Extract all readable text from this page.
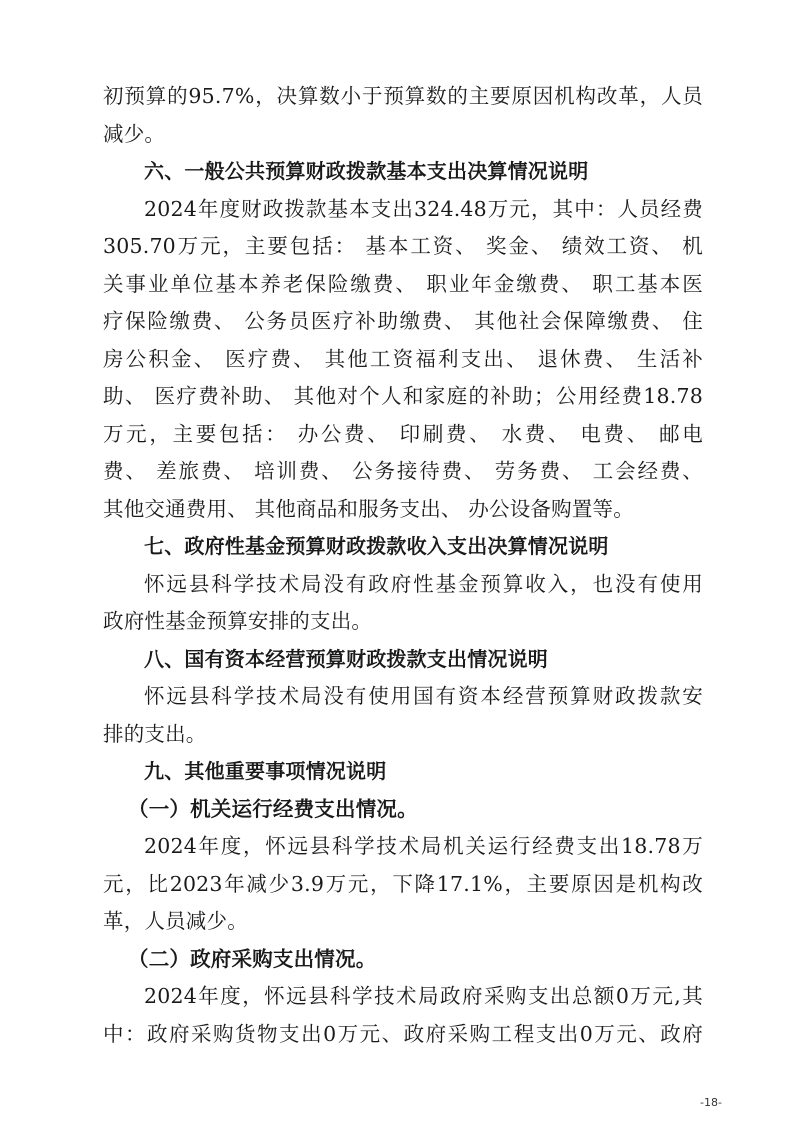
初预算的95.7%，决算数小于预算数的主要原因机构改革，人员
减少。
六、一般公共预算财政拨款基本支出决算情况说明
2024年度财政拨款基本支出324.48万元，其中：人员经费
305.70万元，主要包括： 基本工资、 奖金、 绩效工资、 机
关事业单位基本养老保险缴费、 职业年金缴费、 职工基本医
疗保险缴费、 公务员医疗补助缴费、 其他社会保障缴费、 住
房公积金、 医疗费、 其他工资福利支出、 退休费、 生活补
助、 医疗费补助、 其他对个人和家庭的补助；公用经费18.78
万元，主要包括： 办公费、 印刷费、 水费、 电费、 邮电
费、 差旅费、 培训费、 公务接待费、 劳务费、 工会经费、
其他交通费用、 其他商品和服务支出、 办公设备购置等。
七、政府性基金预算财政拨款收入支出决算情况说明
怀远县科学技术局没有政府性基金预算收入，也没有使用
政府性基金预算安排的支出。
八、国有资本经营预算财政拨款支出情况说明
怀远县科学技术局没有使用国有资本经营预算财政拨款安
排的支出。
九、其他重要事项情况说明
（一）机关运行经费支出情况。
2024年度，怀远县科学技术局机关运行经费支出18.78万
元，比2023年减少3.9万元，下降17.1%，主要原因是机构改
革，人员减少。
（二）政府采购支出情况。
2024年度，怀远县科学技术局政府采购支出总额0万元,其
中：政府采购货物支出0万元、政府采购工程支出0万元、政府
-18-
